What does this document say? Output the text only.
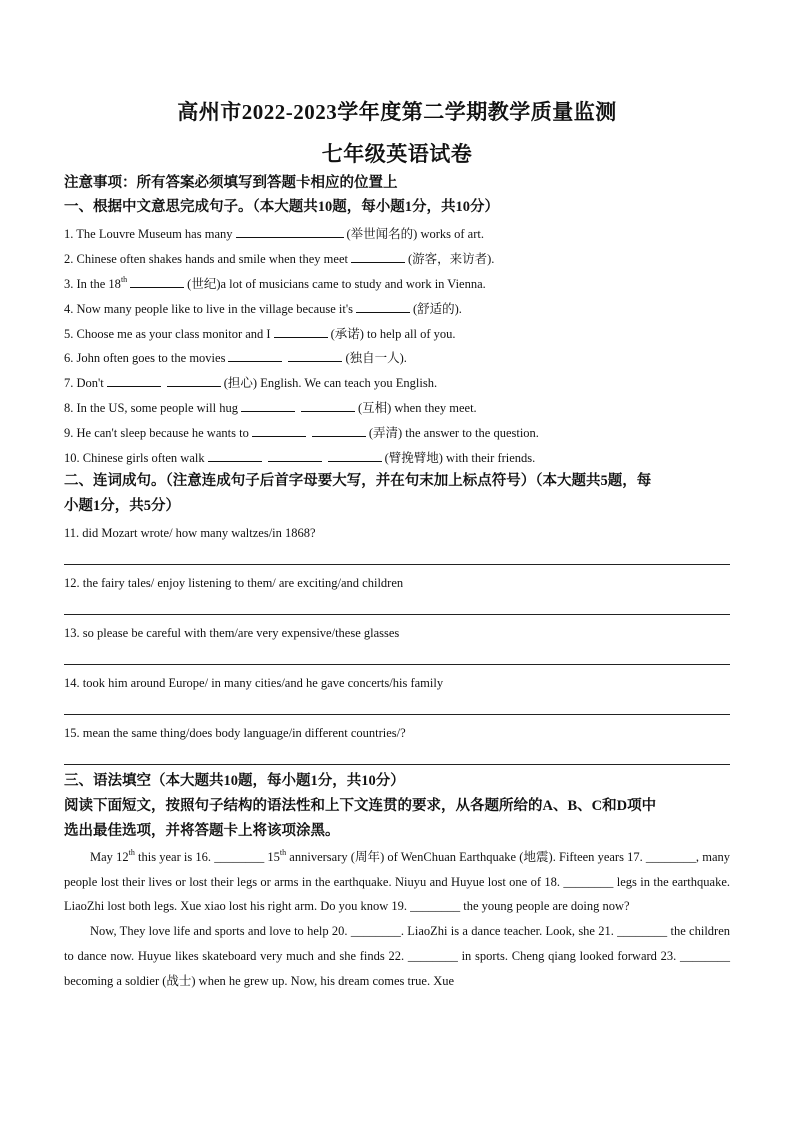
高州市2022-2023学年度第二学期教学质量监测
七年级英语试卷
注意事项：所有答案必须填写到答题卡相应的位置上
一、根据中文意思完成句子。（本大题共10题，每小题1分，共10分）
1. The Louvre Museum has many	(举世闻名的) works of art.
2. Chinese often shakes hands and smile when they meet	(游客，来访者).
3. In the 18th	(世纪)a lot of musicians came to study and work in Vienna.
4. Now many people like to live in the village because it's	(舒适的).
5. Choose me as your class monitor and I	(承诺) to help all of you.
6. John often goes to the movies	(独自一人).
7. Don't	(担心) English. We can teach you English.
8. In the US, some people will hug	(互相) when they meet.
9. He can't sleep because he wants to	(弄清) the answer to the question.
10. Chinese girls often walk	(臂挽臂地) with their friends.
二、连词成句。（注意连成句子后首字母要大写，并在句末加上标点符号）（本大题共5题，每
小题1分，共5分）
11. did Mozart wrote/ how many waltzes/in 1868?
12. the fairy tales/ enjoy listening to them/ are exciting/and children
13. so please be careful with them/are very expensive/these glasses
14. took him around Europe/ in many cities/and he gave concerts/his family
15. mean the same thing/does body language/in different countries/?
三、语法填空（本大题共10题，每小题1分，共10分）
阅读下面短文，按照句子结构的语法性和上下文连贯的要求，从各题所给的A、B、C和D项中
选出最佳选项，并将答题卡上将该项涂黑。
May 12th this year is 16. ________ 15th anniversary (周年) of WenChuan Earthquake (地震). Fifteen years 17. ________, many people lost their lives or lost their legs or arms in the earthquake. Niuyu and Huyue lost one of 18. ________ legs in the earthquake. LiaoZhi lost both legs. Xue xiao lost his right arm. Do you know 19. ________ the young people are doing now?
Now, They love life and sports and love to help 20. ________. LiaoZhi is a dance teacher. Look, she 21. ________ the children to dance now. Huyue likes skateboard very much and she finds 22. ________ in sports. Cheng qiang looked forward 23. ________ becoming a soldier (战士) when he grew up. Now, his dream comes true. Xue
